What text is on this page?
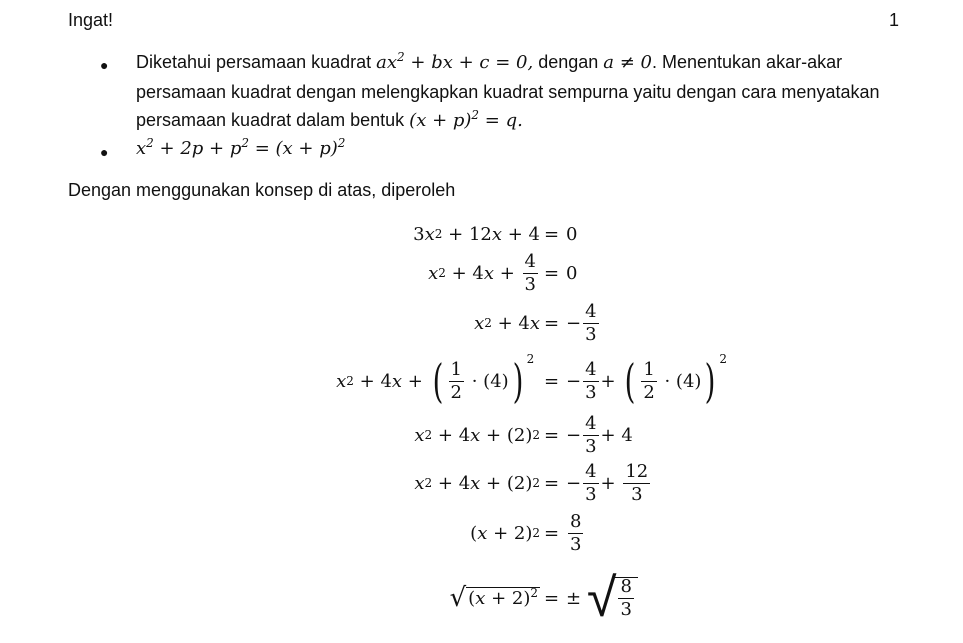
Ingat!	1
● Diketahui persamaan kuadrat $ax^2$ + bx + c = 0, dengan a ≠ 0. Menentukan akar-akar
persamaan kuadrat dengan melengkapkan kuadrat sempurna yaitu dengan cara menyatakan
persamaan kuadrat dalam bentuk $(x + p)^2 = q$.
● $x^2 + 2p + p^2 = (x + p)^2$
Dengan menggunakan konsep di atas, diperoleh
3 x 2 + 12 x + 4 = 0
x 2 + 4 $x + \frac{4}{3} = 0$
x 2 + 4 x = − $\frac{4}{3}$
x 2 + 4 x + ( $\frac{1}{2} \cdot (4)$ ) 2

= − $\frac{4}{3}$ + ( $\frac{1}{2} \cdot (4)$ ) 2
x 2 + 4 x + (2) 2 = − $\frac{4}{3} + 4$
x 2 + 4 x + (2) 2 = − $\frac{4}{3} + \frac{12}{3}$
( x + 2) $2 = \frac{8}{3}$
√ $(x + 2)^2$ = ±
√ $\frac{8}{3}$
